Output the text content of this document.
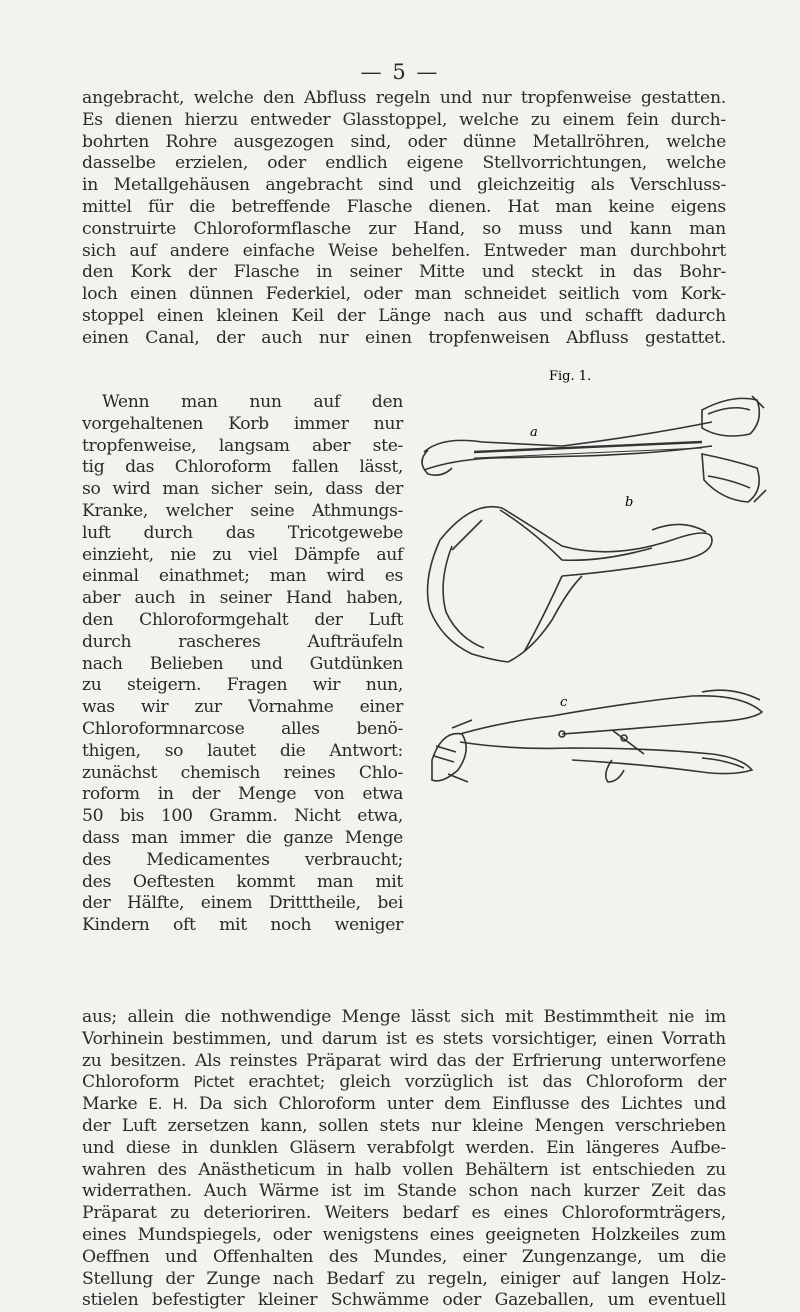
— 5 —
angebracht, welche den Abfluss regeln und nur tropfenweise gestatten.
Es dienen hierzu entweder Glasstoppel, welche zu einem fein durch-
bohrten Rohre ausgezogen sind, oder dünne Metallröhren, welche
dasselbe erzielen, oder endlich eigene Stellvorrichtungen, welche
in Metallgehäusen angebracht sind und gleichzeitig als Verschluss-
mittel für die betreffende Flasche dienen. Hat man keine eigens
construirte Chloroformflasche zur Hand, so muss und kann man
sich auf andere einfache Weise behelfen. Entweder man durchbohrt
den Kork der Flasche in seiner Mitte und steckt in das Bohr-
loch einen dünnen Federkiel, oder man schneidet seitlich vom Kork-
stoppel einen kleinen Keil der Länge nach aus und schafft dadurch
einen Canal, der auch nur einen tropfenweisen Abfluss gestattet.
Wenn man nun auf den
vorgehaltenen Korb immer nur
tropfenweise, langsam aber ste-
tig das Chloroform fallen lässt,
so wird man sicher sein, dass der
Kranke, welcher seine Athmungs-
luft durch das Tricotgewebe
einzieht, nie zu viel Dämpfe auf
einmal einathmet; man wird es
aber auch in seiner Hand haben,
den Chloroformgehalt der Luft
durch rascheres Aufträufeln
nach Belieben und Gutdünken
zu steigern. Fragen wir nun,
was wir zur Vornahme einer
Chloroformnarcose alles benö-
thigen, so lautet die Antwort:
zunächst chemisch reines Chlo-
roform in der Menge von etwa
50 bis 100 Gramm. Nicht etwa,
dass man immer die ganze Menge
des Medicamentes verbraucht;
des Oeftesten kommt man mit
der Hälfte, einem Dritttheile, bei
Kindern oft mit noch weniger
Fig. 1.
a
b
c
aus; allein die nothwendige Menge lässt sich mit Bestimmtheit nie im
Vorhinein bestimmen, und darum ist es stets vorsichtiger, einen Vorrath
zu besitzen. Als reinstes Präparat wird das der Erfrierung unterworfene
Chloroform Pictet erachtet; gleich vorzüglich ist das Chloroform der
Marke E. H. Da sich Chloroform unter dem Einflusse des Lichtes und
der Luft zersetzen kann, sollen stets nur kleine Mengen verschrieben
und diese in dunklen Gläsern verabfolgt werden. Ein längeres Aufbe-
wahren des Anästheticum in halb vollen Behältern ist entschieden zu
widerrathen. Auch Wärme ist im Stande schon nach kurzer Zeit das
Präparat zu deterioriren. Weiters bedarf es eines Chloroformträgers,
eines Mundspiegels, oder wenigstens eines geeigneten Holzkeiles zum
Oeffnen und Offenhalten des Mundes, einer Zungenzange, um die
Stellung der Zunge nach Bedarf zu regeln, einiger auf langen Holz-
stielen befestigter kleiner Schwämme oder Gazeballen, um eventuell
